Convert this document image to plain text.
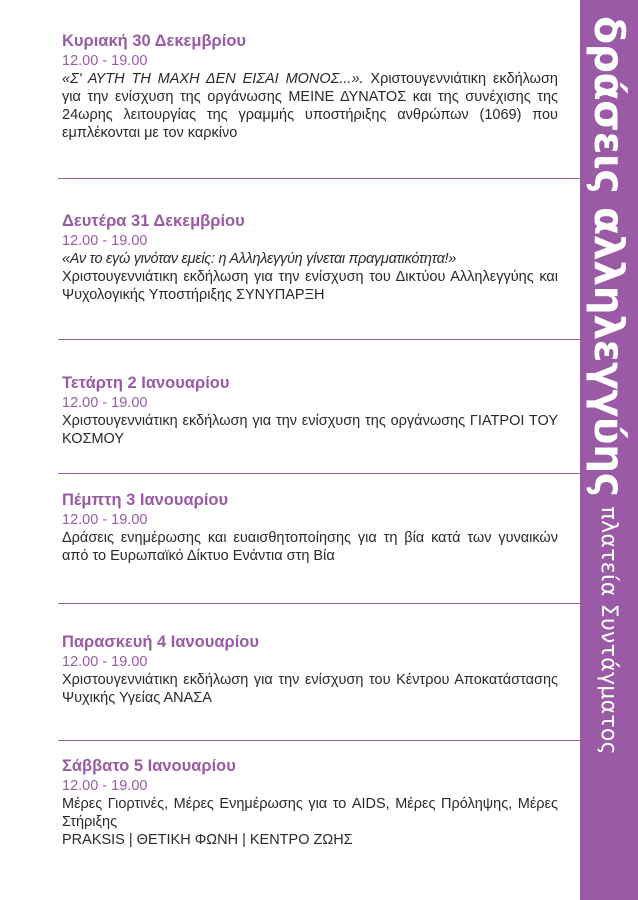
Κυριακή 30 Δεκεμβρίου
12.00 - 19.00
«Σ' ΑΥΤΗ ΤΗ ΜΑΧΗ ΔΕΝ ΕΙΣΑΙ ΜΟΝΟΣ...». Χριστουγεννιάτικη εκδήλωση για την ενίσχυση της οργάνωσης ΜΕΙΝΕ ΔΥΝΑΤΟΣ και της συνέχισης της 24ωρης λειτουργίας της γραμμής υποστήριξης ανθρώπων (1069) που εμπλέκονται με τον καρκίνο
Δευτέρα 31 Δεκεμβρίου
12.00 - 19.00
«Αν το εγώ γινόταν εμείς: η Αλληλεγγύη γίνεται πραγματικότητα!»
Χριστουγεννιάτικη εκδήλωση για την ενίσχυση του Δικτύου Αλληλεγγύης και Ψυχολογικής Υποστήριξης ΣΥΝΥΠΑΡΞΗ
Τετάρτη 2 Ιανουαρίου
12.00 - 19.00
Χριστουγεννιάτικη εκδήλωση για την ενίσχυση της οργάνωσης ΓΙΑΤΡΟΙ ΤΟΥ ΚΟΣΜΟΥ
Πέμπτη 3 Ιανουαρίου
12.00 - 19.00
Δράσεις ενημέρωσης και ευαισθητοποίησης για τη βία κατά των γυναικών από το Ευρωπαϊκό Δίκτυο Ενάντια στη Βία
Παρασκευή 4 Ιανουαρίου
12.00 - 19.00
Χριστουγεννιάτικη εκδήλωση για την ενίσχυση του Κέντρου Αποκατάστασης Ψυχικής Υγείας ΑΝΑΣΑ
Σάββατο 5 Ιανουαρίου
12.00 - 19.00
Μέρες Γιορτινές, Μέρες Ενημέρωσης για το AIDS, Μέρες Πρόληψης, Μέρες Στήριξης
PRAKSIS | ΘΕΤΙΚΗ ΦΩΝΗ | ΚΕΝΤΡΟ ΖΩΗΣ
δράσεις αλληλεγγύης
πλατεία Συντάγματος
